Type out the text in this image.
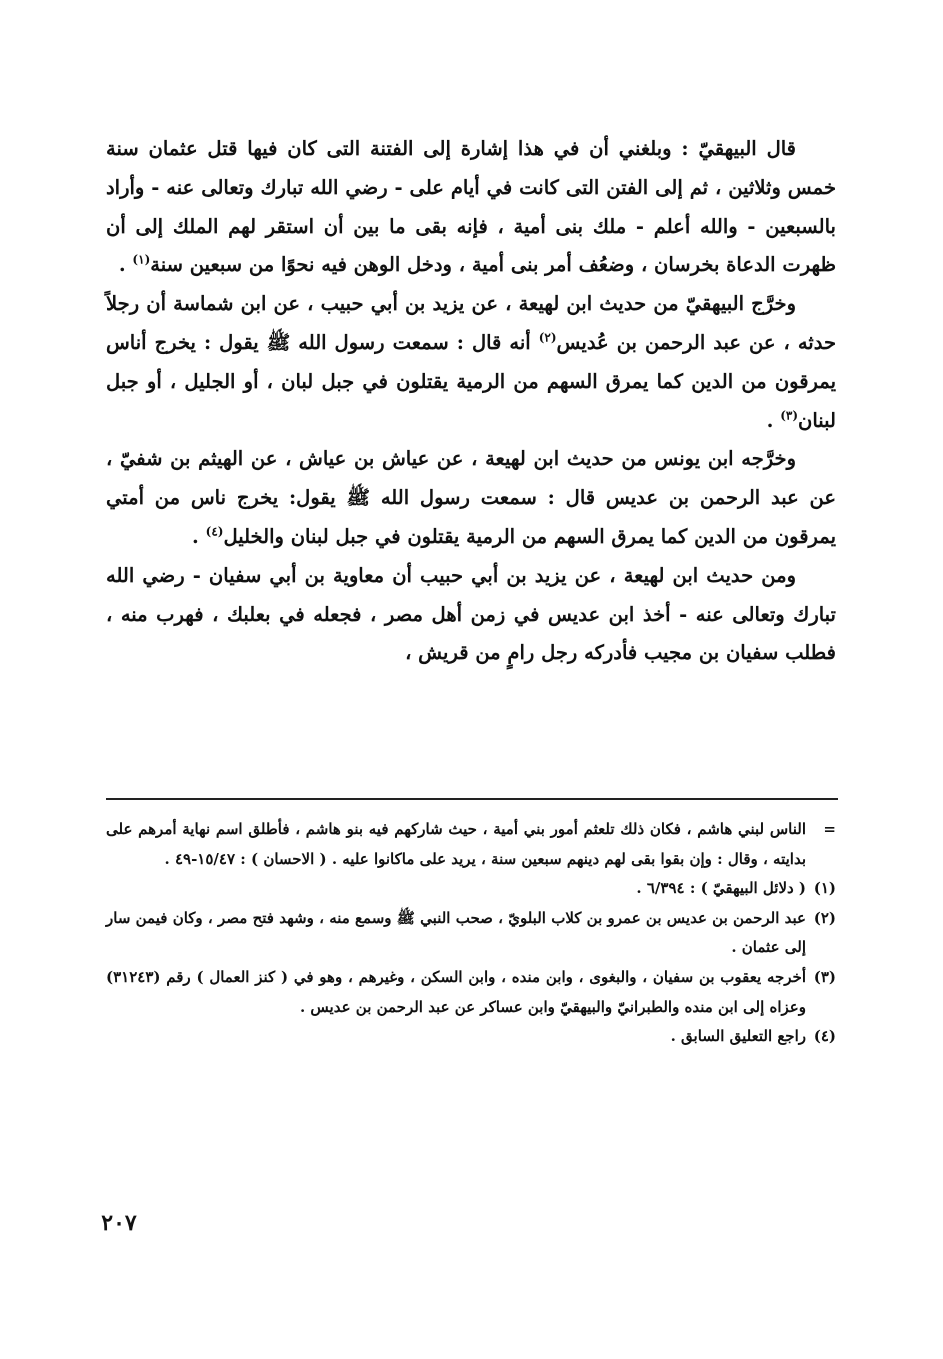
قال البيهقيّ : وبلغني أن في هذا إشارة إلى الفتنة التى كان فيها قتل عثمان سنة خمس وثلاثين ، ثم إلى الفتن التى كانت في أيام على - رضي الله تبارك وتعالى عنه - وأراد بالسبعين - والله أعلم - ملك بنى أمية ، فإنه بقى ما بين أن استقر لهم الملك إلى أن ظهرت الدعاة بخرسان ، وضعُف أمر بنى أمية ، ودخل الوهن فيه نحوًا من سبعين سنة$^{(١)}$ .

وخرَّج البيهقيّ من حديث ابن لهيعة ، عن يزيد بن أبي حبيب ، عن ابن شماسة أن رجلاً حدثه ، عن عبد الرحمن بن عُديس$^{(٢)}$ أنه قال : سمعت رسول الله ﷺ يقول : يخرج أناس يمرقون من الدين كما يمرق السهم من الرمية يقتلون في جبل لبان ، أو الجليل ، أو جبل لبنان$^{(٣)}$ .

وخرَّجه ابن يونس من حديث ابن لهيعة ، عن عياش بن عياش ، عن الهيثم بن شفيّ ، عن عبد الرحمن بن عديس قال : سمعت رسول الله ﷺ يقول: يخرج ناس من أمتي يمرقون من الدين كما يمرق السهم من الرمية يقتلون في جبل لبنان والخليل$^{(٤)}$ .

ومن حديث ابن لهيعة ، عن يزيد بن أبي حبيب أن معاوية بن أبي سفيان - رضي الله تبارك وتعالى عنه - أخذ ابن عديس في زمن أهل مصر ، فجعله في بعلبك ، فهرب منه ، فطلب سفيان بن مجيب فأدركه رجل رامٍ من قريش ،

=
الناس لبني هاشم ، فكان ذلك تلعثم أمور بني أمية ، حيث شاركهم فيه بنو هاشم ، فأطلق اسم نهاية أمرهم على بدايته ، وقال : وإن بقوا بقى لهم دينهم سبعين سنة ، يريد على ماكانوا عليه . ( الاحسان ) : ١٥/٤٧-٤٩ .

(١)
( دلائل البيهقيّ ) : ٦/٣٩٤ .

(٢)
عبد الرحمن بن عديس بن عمرو بن كلاب البلويّ ، صحب النبي ﷺ وسمع منه ، وشهد فتح مصر ، وكان فيمن سار إلى عثمان .

(٣)
أخرجه يعقوب بن سفيان ، والبغوى ، وابن منده ، وابن السكن ، وغيرهم ، وهو في ( كنز العمال ) رقم (٣١٢٤٣) وعزاه إلى ابن منده والطبرانيّ والبيهقيّ وابن عساكر عن عبد الرحمن بن عديس .

(٤)
راجع التعليق السابق .

٢٠٧
